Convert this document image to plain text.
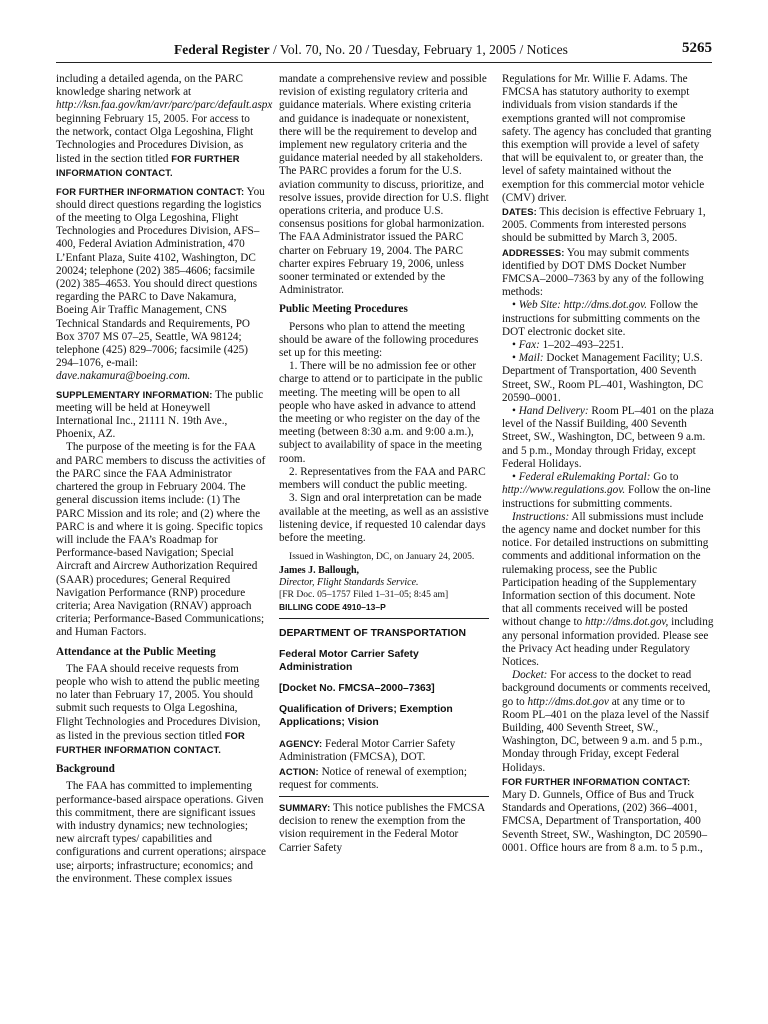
Federal Register / Vol. 70, No. 20 / Tuesday, February 1, 2005 / Notices	5265

including a detailed agenda, on the PARC knowledge sharing network at http://ksn.faa.gov/km/avr/parc/parc/default.aspx beginning February 15, 2005. For access to the network, contact Olga Legoshina, Flight Technologies and Procedures Division, as listed in the section titled FOR FURTHER INFORMATION CONTACT.

FOR FURTHER INFORMATION CONTACT: You should direct questions regarding the logistics of the meeting to Olga Legoshina, Flight Technologies and Procedures Division, AFS–400, Federal Aviation Administration, 470 L’Enfant Plaza, Suite 4102, Washington, DC 20024; telephone (202) 385–4606; facsimile (202) 385–4653. You should direct questions regarding the PARC to Dave Nakamura, Boeing Air Traffic Management, CNS Technical Standards and Requirements, PO Box 3707 MS 07–25, Seattle, WA 98124; telephone (425) 829–7006; facsimile (425) 294–1076, e-mail: dave.nakamura@boeing.com.

SUPPLEMENTARY INFORMATION: The public meeting will be held at Honeywell International Inc., 21111 N. 19th Ave., Phoenix, AZ.

The purpose of the meeting is for the FAA and PARC members to discuss the activities of the PARC since the FAA Administrator chartered the group in February 2004. The general discussion items include: (1) The PARC Mission and its role; and (2) where the PARC is and where it is going. Specific topics will include the FAA’s Roadmap for Performance-based Navigation; Special Aircraft and Aircrew Authorization Required (SAAR) procedures; General Required Navigation Performance (RNP) procedure criteria; Area Navigation (RNAV) approach criteria; Performance-Based Communications; and Human Factors.

Attendance at the Public Meeting

The FAA should receive requests from people who wish to attend the public meeting no later than February 17, 2005. You should submit such requests to Olga Legoshina, Flight Technologies and Procedures Division, as listed in the previous section titled FOR FURTHER INFORMATION CONTACT.

Background

The FAA has committed to implementing performance-based airspace operations. Given this commitment, there are significant issues with industry dynamics; new technologies; new aircraft types/ capabilities and configurations and current operations; airspace use; airports; infrastructure; economics; and the environment. These complex issues

mandate a comprehensive review and possible revision of existing regulatory criteria and guidance materials. Where existing criteria and guidance is inadequate or nonexistent, there will be the requirement to develop and implement new regulatory criteria and the guidance material needed by all stakeholders. The PARC provides a forum for the U.S. aviation community to discuss, prioritize, and resolve issues, provide direction for U.S. flight operations criteria, and produce U.S. consensus positions for global harmonization. The FAA Administrator issued the PARC charter on February 19, 2004. The PARC charter expires February 19, 2006, unless sooner terminated or extended by the Administrator.

Public Meeting Procedures

Persons who plan to attend the meeting should be aware of the following procedures set up for this meeting:

1. There will be no admission fee or other charge to attend or to participate in the public meeting. The meeting will be open to all people who have asked in advance to attend the meeting or who register on the day of the meeting (between 8:30 a.m. and 9:00 a.m.), subject to availability of space in the meeting room.

2. Representatives from the FAA and PARC members will conduct the public meeting.

3. Sign and oral interpretation can be made available at the meeting, as well as an assistive listening device, if requested 10 calendar days before the meeting.

Issued in Washington, DC, on January 24, 2005.

James J. Ballough,

Director, Flight Standards Service.

[FR Doc. 05–1757 Filed 1–31–05; 8:45 am]

BILLING CODE 4910–13–P

DEPARTMENT OF TRANSPORTATION

Federal Motor Carrier Safety Administration

[Docket No. FMCSA–2000–7363]

Qualification of Drivers; Exemption Applications; Vision

AGENCY: Federal Motor Carrier Safety Administration (FMCSA), DOT.

ACTION: Notice of renewal of exemption; request for comments.

SUMMARY: This notice publishes the FMCSA decision to renew the exemption from the vision requirement in the Federal Motor Carrier Safety

Regulations for Mr. Willie F. Adams. The FMCSA has statutory authority to exempt individuals from vision standards if the exemptions granted will not compromise safety. The agency has concluded that granting this exemption will provide a level of safety that will be equivalent to, or greater than, the level of safety maintained without the exemption for this commercial motor vehicle (CMV) driver.

DATES: This decision is effective February 1, 2005. Comments from interested persons should be submitted by March 3, 2005.

ADDRESSES: You may submit comments identified by DOT DMS Docket Number FMCSA–2000–7363 by any of the following methods:

• Web Site: http://dms.dot.gov. Follow the instructions for submitting comments on the DOT electronic docket site.

• Fax: 1–202–493–2251.

• Mail: Docket Management Facility; U.S. Department of Transportation, 400 Seventh Street, SW., Room PL–401, Washington, DC 20590–0001.

• Hand Delivery: Room PL–401 on the plaza level of the Nassif Building, 400 Seventh Street, SW., Washington, DC, between 9 a.m. and 5 p.m., Monday through Friday, except Federal Holidays.

• Federal eRulemaking Portal: Go to http://www.regulations.gov. Follow the on-line instructions for submitting comments.

Instructions: All submissions must include the agency name and docket number for this notice. For detailed instructions on submitting comments and additional information on the rulemaking process, see the Public Participation heading of the Supplementary Information section of this document. Note that all comments received will be posted without change to http://dms.dot.gov, including any personal information provided. Please see the Privacy Act heading under Regulatory Notices.

Docket: For access to the docket to read background documents or comments received, go to http://dms.dot.gov at any time or to Room PL–401 on the plaza level of the Nassif Building, 400 Seventh Street, SW., Washington, DC, between 9 a.m. and 5 p.m., Monday through Friday, except Federal Holidays.

FOR FURTHER INFORMATION CONTACT: Mary D. Gunnels, Office of Bus and Truck Standards and Operations, (202) 366–4001, FMCSA, Department of Transportation, 400 Seventh Street, SW., Washington, DC 20590–0001. Office hours are from 8 a.m. to 5 p.m.,
